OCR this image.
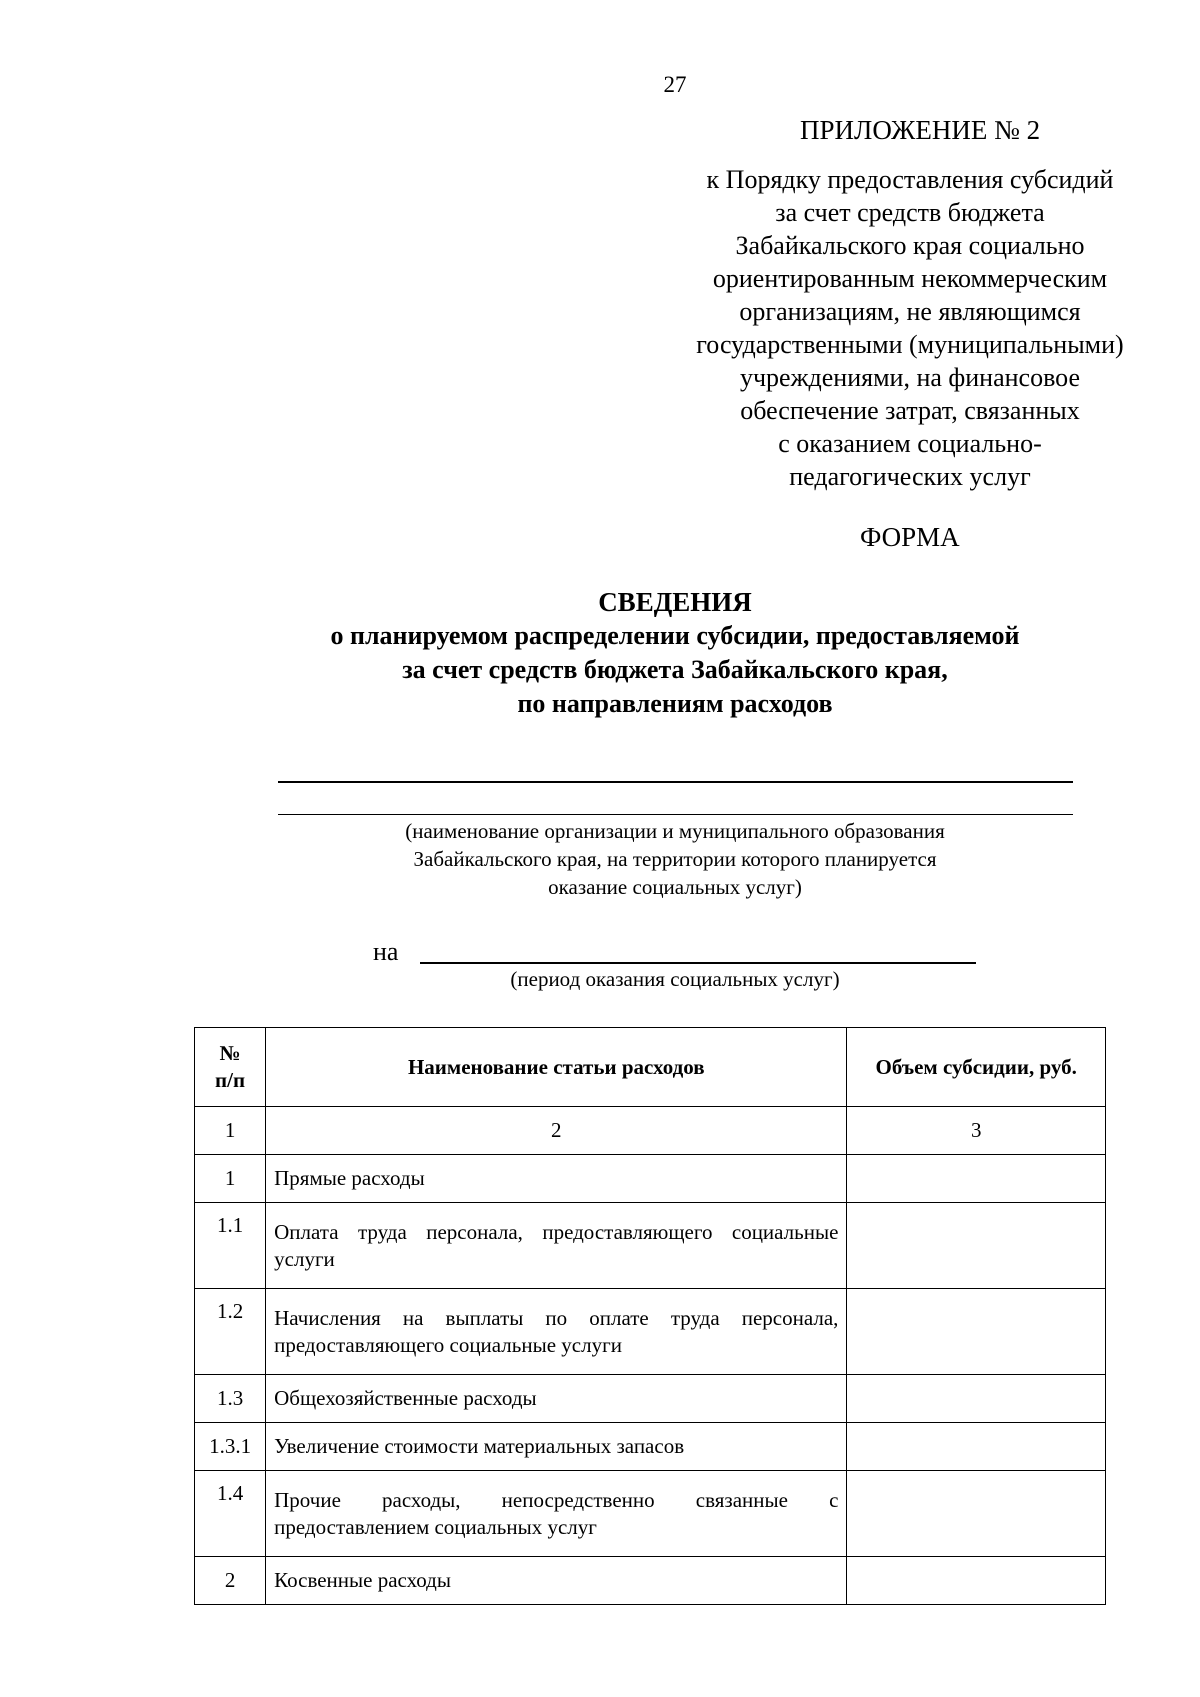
27
ПРИЛОЖЕНИЕ № 2
к Порядку предоставления субсидий
за счет средств бюджета
Забайкальского края социально
ориентированным некоммерческим
организациям, не являющимся
государственными (муниципальными)
учреждениями, на финансовое
обеспечение затрат, связанных
с оказанием социально-
педагогических услуг
ФОРМА
СВЕДЕНИЯ
о планируемом распределении субсидии, предоставляемой
за счет средств бюджета Забайкальского края,
по направлениям расходов
(наименование организации и муниципального образования
Забайкальского края, на территории которого планируется
оказание социальных услуг)
на
(период оказания социальных услуг)
№
п/п	Наименование статьи расходов	Объем субсидии, руб.
1	2	3
1	Прямые расходы	
1.1	Оплата труда персонала, предоставляющего социальные услуги	
1.2	Начисления на выплаты по оплате труда персонала, предоставляющего социальные услуги	
1.3	Общехозяйственные расходы	
1.3.1	Увеличение стоимости материальных запасов	
1.4	Прочие расходы, непосредственно связанные с предоставлением социальных услуг	
2	Косвенные расходы	
